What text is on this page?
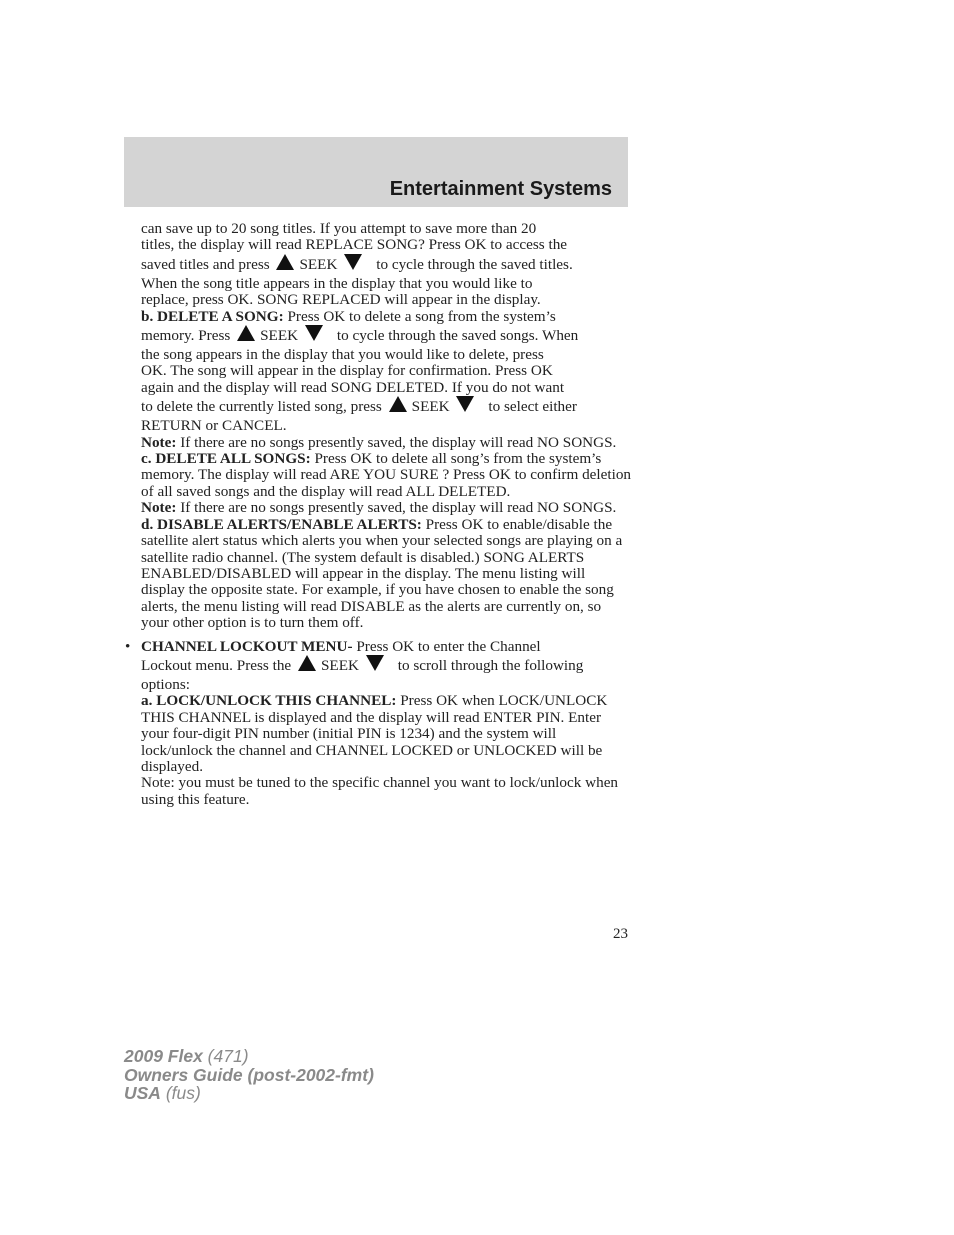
Entertainment Systems

can save up to 20 song titles. If you attempt to save more than 20
titles, the display will read REPLACE SONG? Press OK to access the
saved titles and press SEEK	to cycle through the saved titles.
When the song title appears in the display that you would like to
replace, press OK. SONG REPLACED will appear in the display.

b. DELETE A SONG: Press OK to delete a song from the system’s
memory. Press SEEK	to cycle through the saved songs. When
the song appears in the display that you would like to delete, press
OK. The song will appear in the display for confirmation. Press OK
again and the display will read SONG DELETED. If you do not want
to delete the currently listed song, press SEEK	to select either
RETURN or CANCEL.

Note: If there are no songs presently saved, the display will read NO SONGS.

c. DELETE ALL SONGS: Press OK to delete all song’s from the system’s memory. The display will read ARE YOU SURE ? Press OK to confirm deletion of all saved songs and the display will read ALL DELETED.

Note: If there are no songs presently saved, the display will read NO SONGS.

d. DISABLE ALERTS/ENABLE ALERTS: Press OK to enable/disable the satellite alert status which alerts you when your selected songs are playing on a satellite radio channel. (The system default is disabled.) SONG ALERTS ENABLED/DISABLED will appear in the display. The menu listing will display the opposite state. For example, if you have chosen to enable the song alerts, the menu listing will read DISABLE as the alerts are currently on, so your other option is to turn them off.

• CHANNEL LOCKOUT MENU- Press OK to enter the Channel
Lockout menu. Press the SEEK	to scroll through the following
options:

a. LOCK/UNLOCK THIS CHANNEL: Press OK when LOCK/UNLOCK THIS CHANNEL is displayed and the display will read ENTER PIN. Enter your four-digit PIN number (initial PIN is 1234) and the system will lock/unlock the channel and CHANNEL LOCKED or UNLOCKED will be displayed.

Note: you must be tuned to the specific channel you want to lock/unlock when using this feature.

23
2009 Flex (471)
Owners Guide (post-2002-fmt)
USA (fus)
